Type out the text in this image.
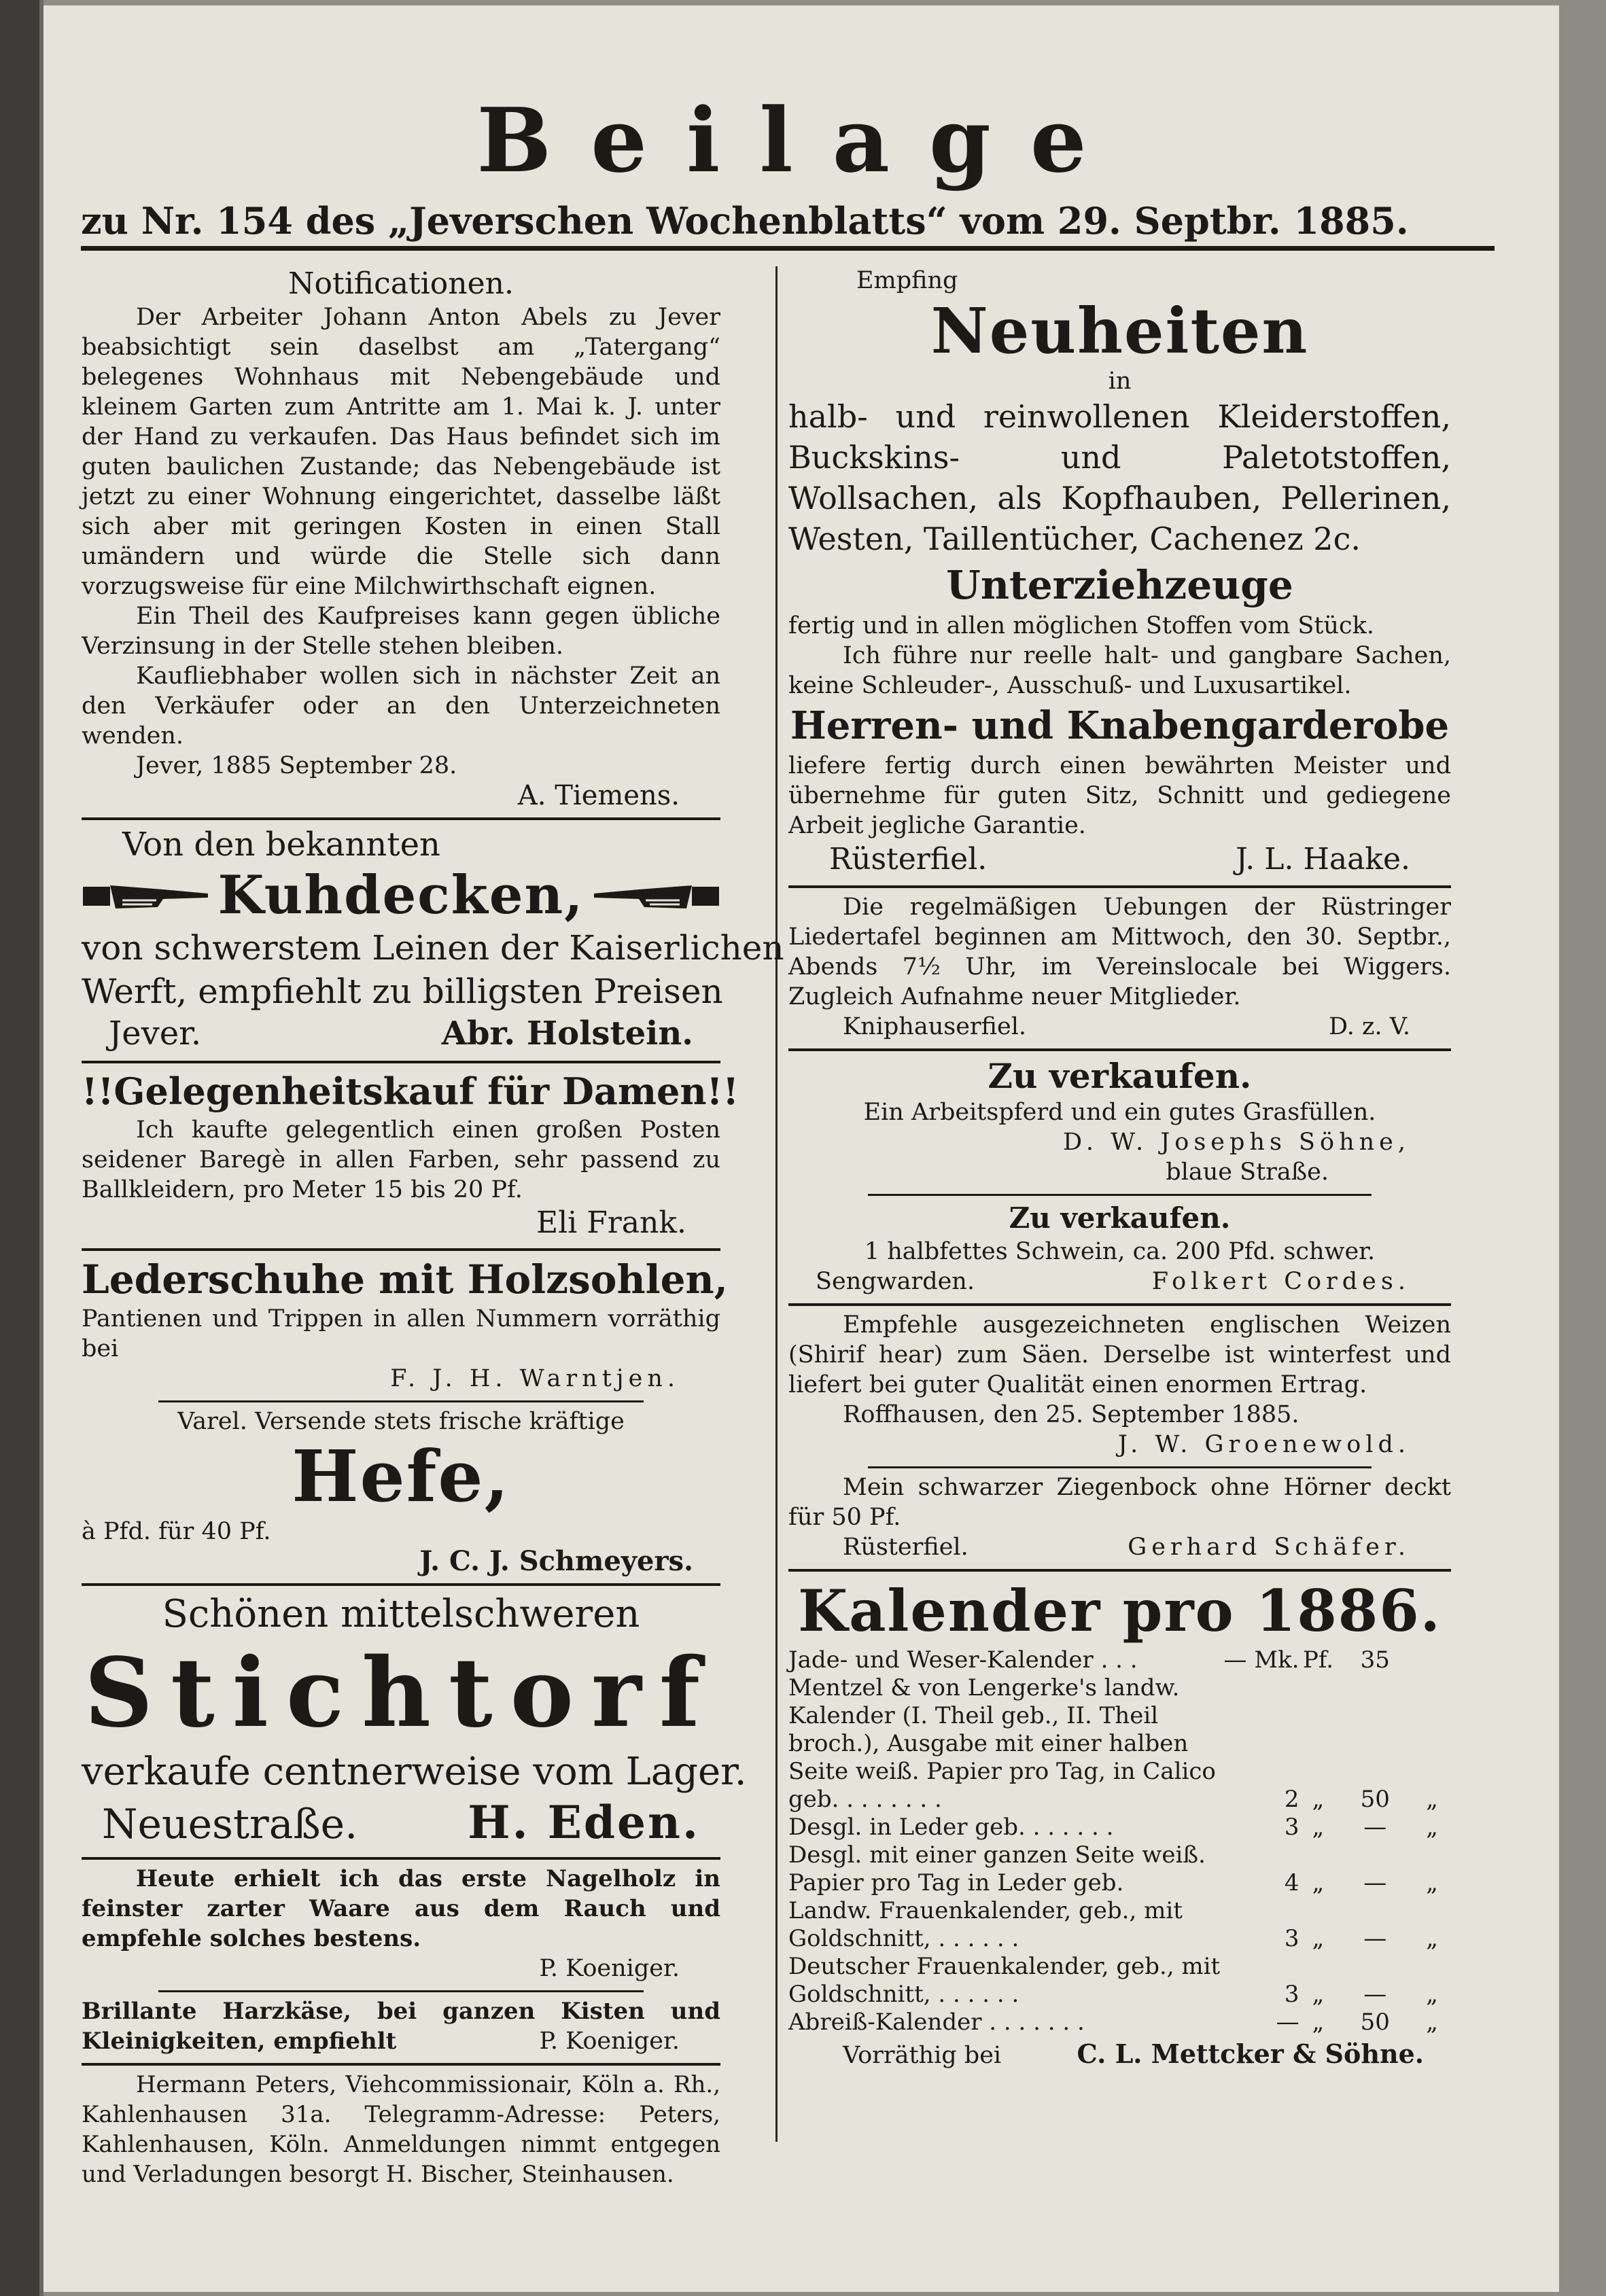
Beilage
zu Nr. 154 des „Jeverschen Wochenblatts“ vom 29. Septbr. 1885.
Notificationen.
Der Arbeiter Johann Anton Abels zu Jever beabsichtigt sein daselbst am „Tatergang“ belegenes Wohnhaus mit Nebengebäude und kleinem Garten zum Antritte am 1. Mai k. J. unter der Hand zu verkaufen. Das Haus befindet sich im guten baulichen Zustande; das Nebengebäude ist jetzt zu einer Wohnung eingerichtet, dasselbe läßt sich aber mit geringen Kosten in einen Stall umändern und würde die Stelle sich dann vorzugsweise für eine Milchwirthschaft eignen.
Ein Theil des Kaufpreises kann gegen übliche Verzinsung in der Stelle stehen bleiben.
Kaufliebhaber wollen sich in nächster Zeit an den Verkäufer oder an den Unterzeichneten wenden.
Jever, 1885 September 28.
A. Tiemens.
Von den bekannten
Kuhdecken,
von schwerstem Leinen der Kaiserlichen
Werft, empfiehlt zu billigsten Preisen
Jever.	Abr. Holstein.
!!Gelegenheitskauf für Damen!!
Ich kaufte gelegentlich einen großen Posten seidener Baregè in allen Farben, sehr passend zu Ballkleidern, pro Meter 15 bis 20 Pf.
Eli Frank.
Lederschuhe mit Holzsohlen,
Pantienen und Trippen in allen Nummern vorräthig bei
F. J. H. Warntjen.
Varel. Versende stets frische kräftige
Hefe,
à Pfd. für 40 Pf.
J. C. J. Schmeyers.
Schönen mittelschweren
Stichtorf
verkaufe centnerweise vom Lager.
Neuestraße. H. Eden.
Heute erhielt ich das erste Nagelholz in feinster zarter Waare aus dem Rauch und empfehle solches bestens.
P. Koeniger.
Brillante Harzkäse, bei ganzen Kisten und Kleinigkeiten, empfiehlt	P. Koeniger.
Hermann Peters, Viehcommissionair, Köln a. Rh., Kahlenhausen 31a. Telegramm-Adresse: Peters, Kahlenhausen, Köln. Anmeldungen nimmt entgegen und Verladungen besorgt H. Bischer, Steinhausen.
Empfing
Neuheiten
in
halb- und reinwollenen Kleiderstoffen, Buckskins- und Paletotstoffen, Wollsachen, als Kopfhauben, Pellerinen, Westen, Taillentücher, Cachenez 2c.
Unterziehzeuge
fertig und in allen möglichen Stoffen vom Stück.
Ich führe nur reelle halt- und gangbare Sachen, keine Schleuder-, Ausschuß- und Luxusartikel.
Herren- und Knabengarderobe
liefere fertig durch einen bewährten Meister und übernehme für guten Sitz, Schnitt und gediegene Arbeit jegliche Garantie.
Rüsterfiel.	J. L. Haake.
Die regelmäßigen Uebungen der Rüstringer Liedertafel beginnen am Mittwoch, den 30. Septbr., Abends 7½ Uhr, im Vereinslocale bei Wiggers. Zugleich Aufnahme neuer Mitglieder.
Kniphauserfiel.	D. z. V.
Zu verkaufen.
Ein Arbeitspferd und ein gutes Grasfüllen.
D. W. Josephs Söhne,
blaue Straße.
Zu verkaufen.
1 halbfettes Schwein, ca. 200 Pfd. schwer.
Sengwarden.	Folkert Cordes.
Empfehle ausgezeichneten englischen Weizen (Shirif hear) zum Säen. Derselbe ist winterfest und liefert bei guter Qualität einen enormen Ertrag.
Roffhausen, den 25. September 1885.
J. W. Groenewold.
Mein schwarzer Ziegenbock ohne Hörner deckt für 50 Pf.
Rüsterfiel.	Gerhard Schäfer.
Kalender pro 1886.
Jade- und Weser-Kalender . . .	— Mk.	Pf.	35	
Mentzel & von Lengerke's landw. Kalender (I. Theil geb., II. Theil broch.), Ausgabe mit einer halben Seite weiß. Papier pro Tag, in Calico geb. . . . . . . .	2	„	50	„
Desgl. in Leder geb. . . . . . .	3	„	—	„
Desgl. mit einer ganzen Seite weiß. Papier pro Tag in Leder geb.	4	„	—	„
Landw. Frauenkalender, geb., mit Goldschnitt, . . . . . .	3	„	—	„
Deutscher Frauenkalender, geb., mit Goldschnitt, . . . . . .	3	„	—	„
Abreiß-Kalender . . . . . . .	—	„	50	„
Vorräthig bei	C. L. Mettcker & Söhne.
